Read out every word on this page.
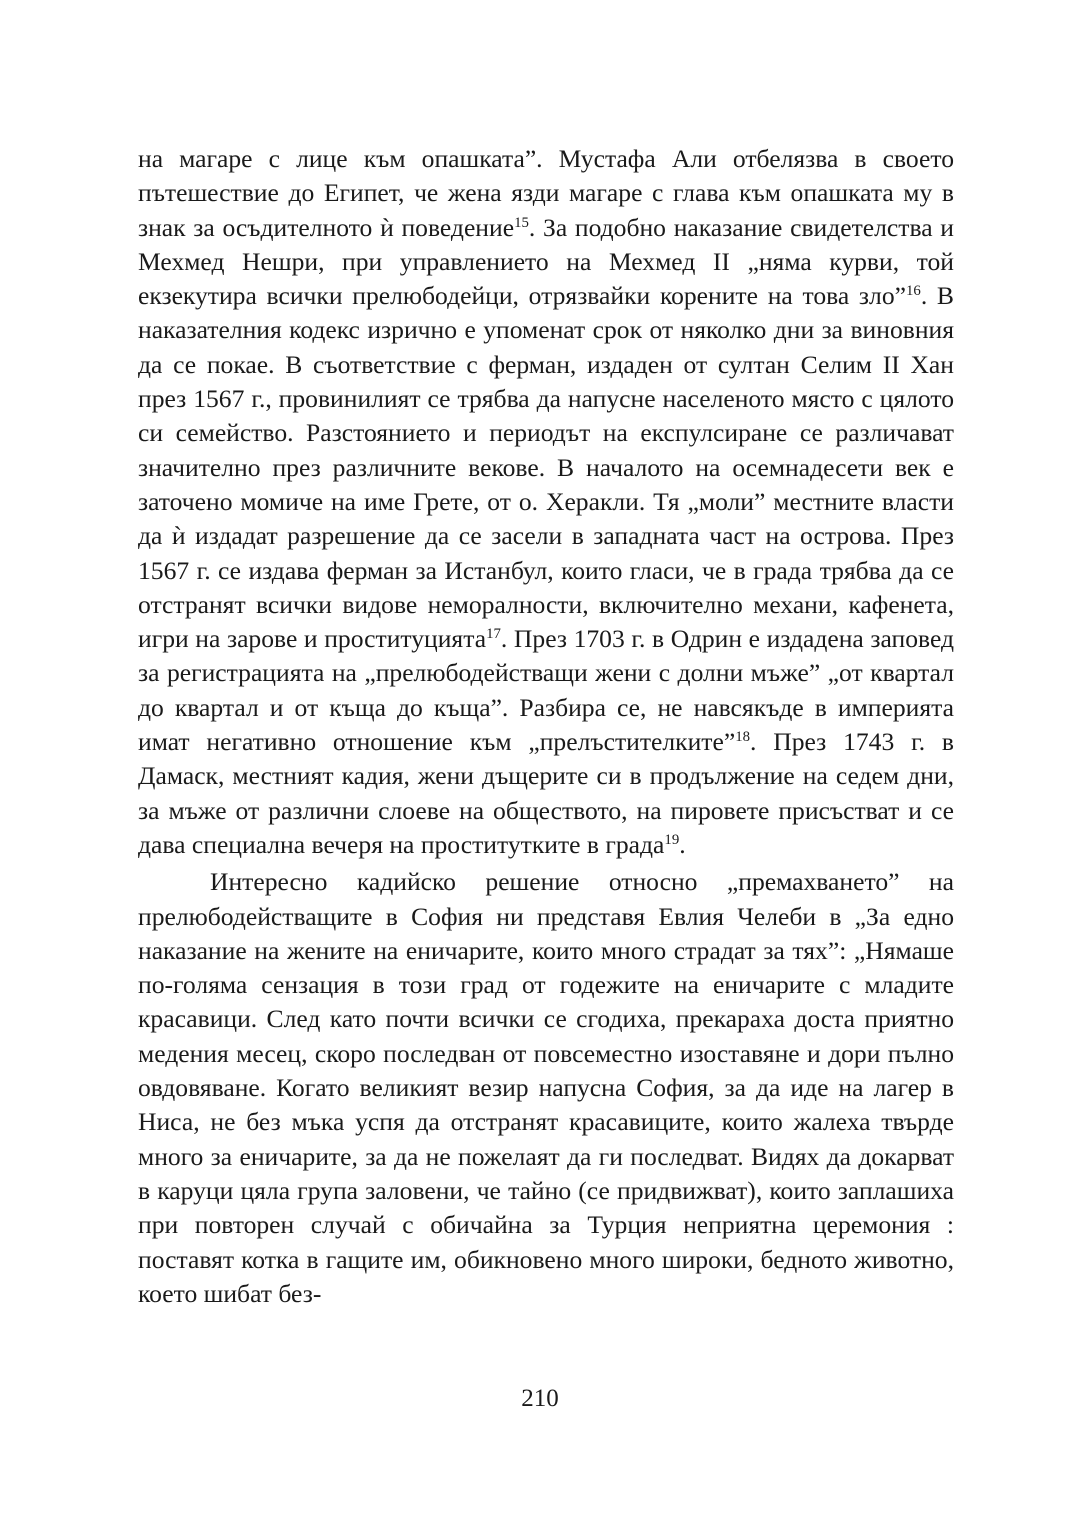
на магаре с лице към опашката”. Мустафа Али отбелязва в своето пътешествие до Египет, че жена язди магаре с глава към опашката му в знак за осъдителното ѝ поведение$^{15}$. За подобно наказание свидетелства и Мехмед Нешри, при управлението на Мехмед II „няма курви, той екзекутира всички прелюбодейци, отрязвайки корените на това зло”$^{16}$. В наказателния кодекс изрично е упоменат срок от няколко дни за виновния да се покае. В съответствие с ферман, издаден от султан Селим II Хан през 1567 г., провинилият се трябва да напусне населеното място с цялото си семейство. Разстоянието и периодът на експулсиране се различават значително през различните векове. В началото на осемнадесети век е заточено момиче на име Грете, от о. Херакли. Тя „моли” местните власти да ѝ издадат разрешение да се засели в западната част на острова. През 1567 г. се издава ферман за Истанбул, които гласи, че в града трябва да се отстранят всички видове неморалности, включително механи, кафенета, игри на зарове и проституцията$^{17}$. През 1703 г. в Одрин е издадена заповед за регистрацията на „прелюбодействащи жени с долни мъже” „от квартал до квартал и от къща до къща”. Разбира се, не навсякъде в империята имат негативно отношение към „прелъстителките”$^{18}$. През 1743 г. в Дамаск, местният кадия, жени дъщерите си в продължение на седем дни, за мъже от различни слоеве на обществото, на пировете присъстват и се дава специална вечеря на проститутките в града$^{19}$.

Интересно кадийско решение относно „премахването” на прелюбодействащите в София ни представя Евлия Челеби в „За едно наказание на жените на еничарите, които много страдат за тях”: „Нямаше по-голяма сензация в този град от годежите на еничарите с младите красавици. След като почти всички се сгодиха, прекараха доста приятно медения месец, скоро последван от повсеместно изоставяне и дори пълно овдовяване. Когато великият везир напусна София, за да иде на лагер в Ниса, не без мъка успя да отстранят красавиците, които жалеха твърде много за еничарите, за да не пожелаят да ги последват. Видях да докарват в каруци цяла група заловени, че тайно (се придвижват), които заплашиха при повторен случай с обичайна за Турция неприятна церемония : поставят котка в гащите им, обикновено много широки, бедното животно, което шибат без-

210
